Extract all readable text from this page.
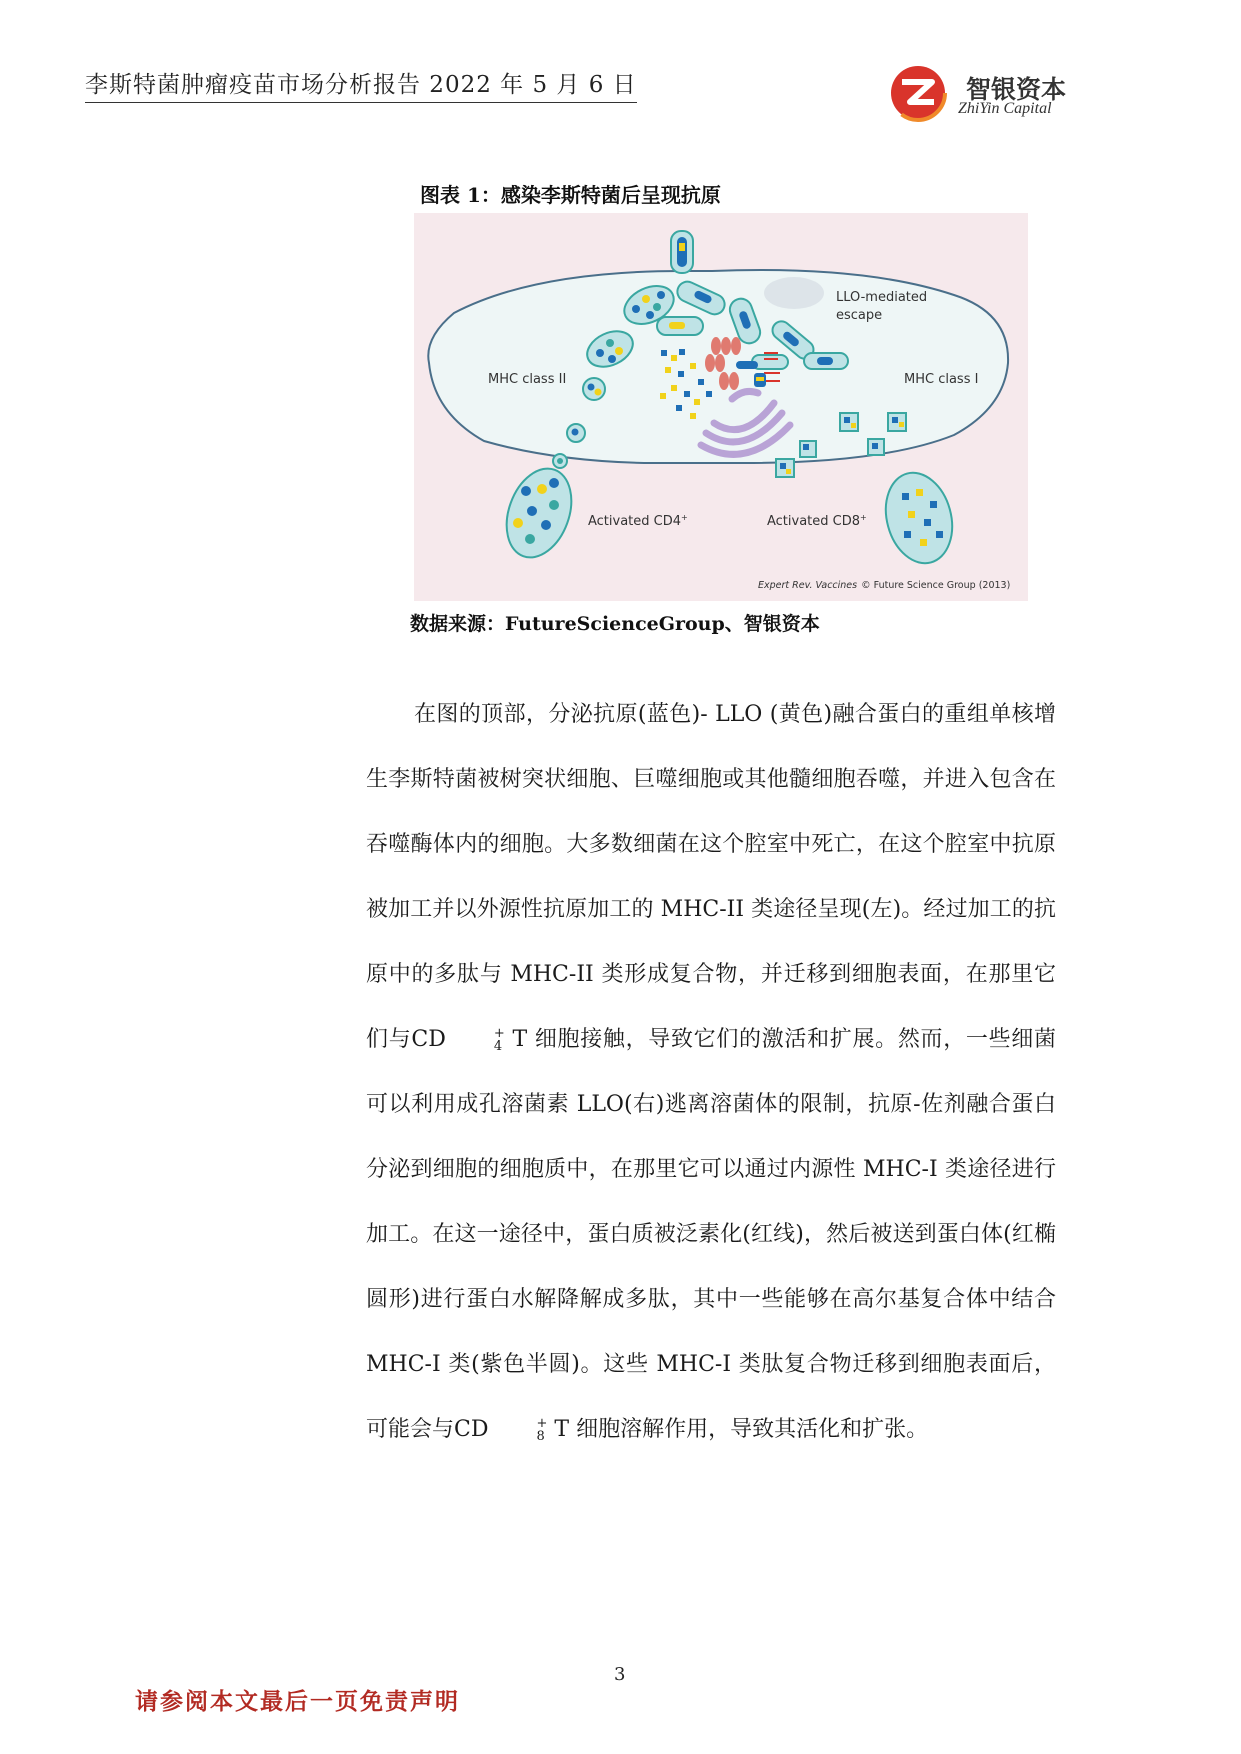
李斯特菌肿瘤疫苗市场分析报告 2022 年 5 月 6 日	智银资本
ZhiYin Capital
图表 1：感染李斯特菌后呈现抗原
LLO-mediated
escape
MHC class II	MHC class I
Activated CD4+	Activated CD8+
Expert Rev. Vaccines © Future Science Group (2013)
数据来源：FutureScienceGroup、智银资本

在图的顶部，分泌抗原(蓝色)- LLO (黄色)融合蛋白的重组单核增生李斯特菌被树突状细胞、巨噬细胞或其他髓细胞吞噬，并进入包含在吞噬酶体内的细胞。大多数细菌在这个腔室中死亡，在这个腔室中抗原被加工并以外源性抗原加工的 MHC-II 类途径呈现(左)。经过加工的抗原中的多肽与 MHC-II 类形成复合物，并迁移到细胞表面，在那里它们与CD	+
4 T 细胞接触，导致它们的激活和扩展。然而，一些细菌可以利用成孔溶菌素 LLO(右)逃离溶菌体的限制，抗原-佐剂融合蛋白分泌到细胞的细胞质中，在那里它可以通过内源性 MHC-I 类途径进行加工。在这一途径中，蛋白质被泛素化(红线)，然后被送到蛋白体(红椭圆形)进行蛋白水解降解成多肽，其中一些能够在高尔基复合体中结合 MHC-I 类(紫色半圆)。这些 MHC-I 类肽复合物迁移到细胞表面后，可能会与CD	+
8 T 细胞溶解作用，导致其活化和扩张。

3
请参阅本文最后一页免责声明
